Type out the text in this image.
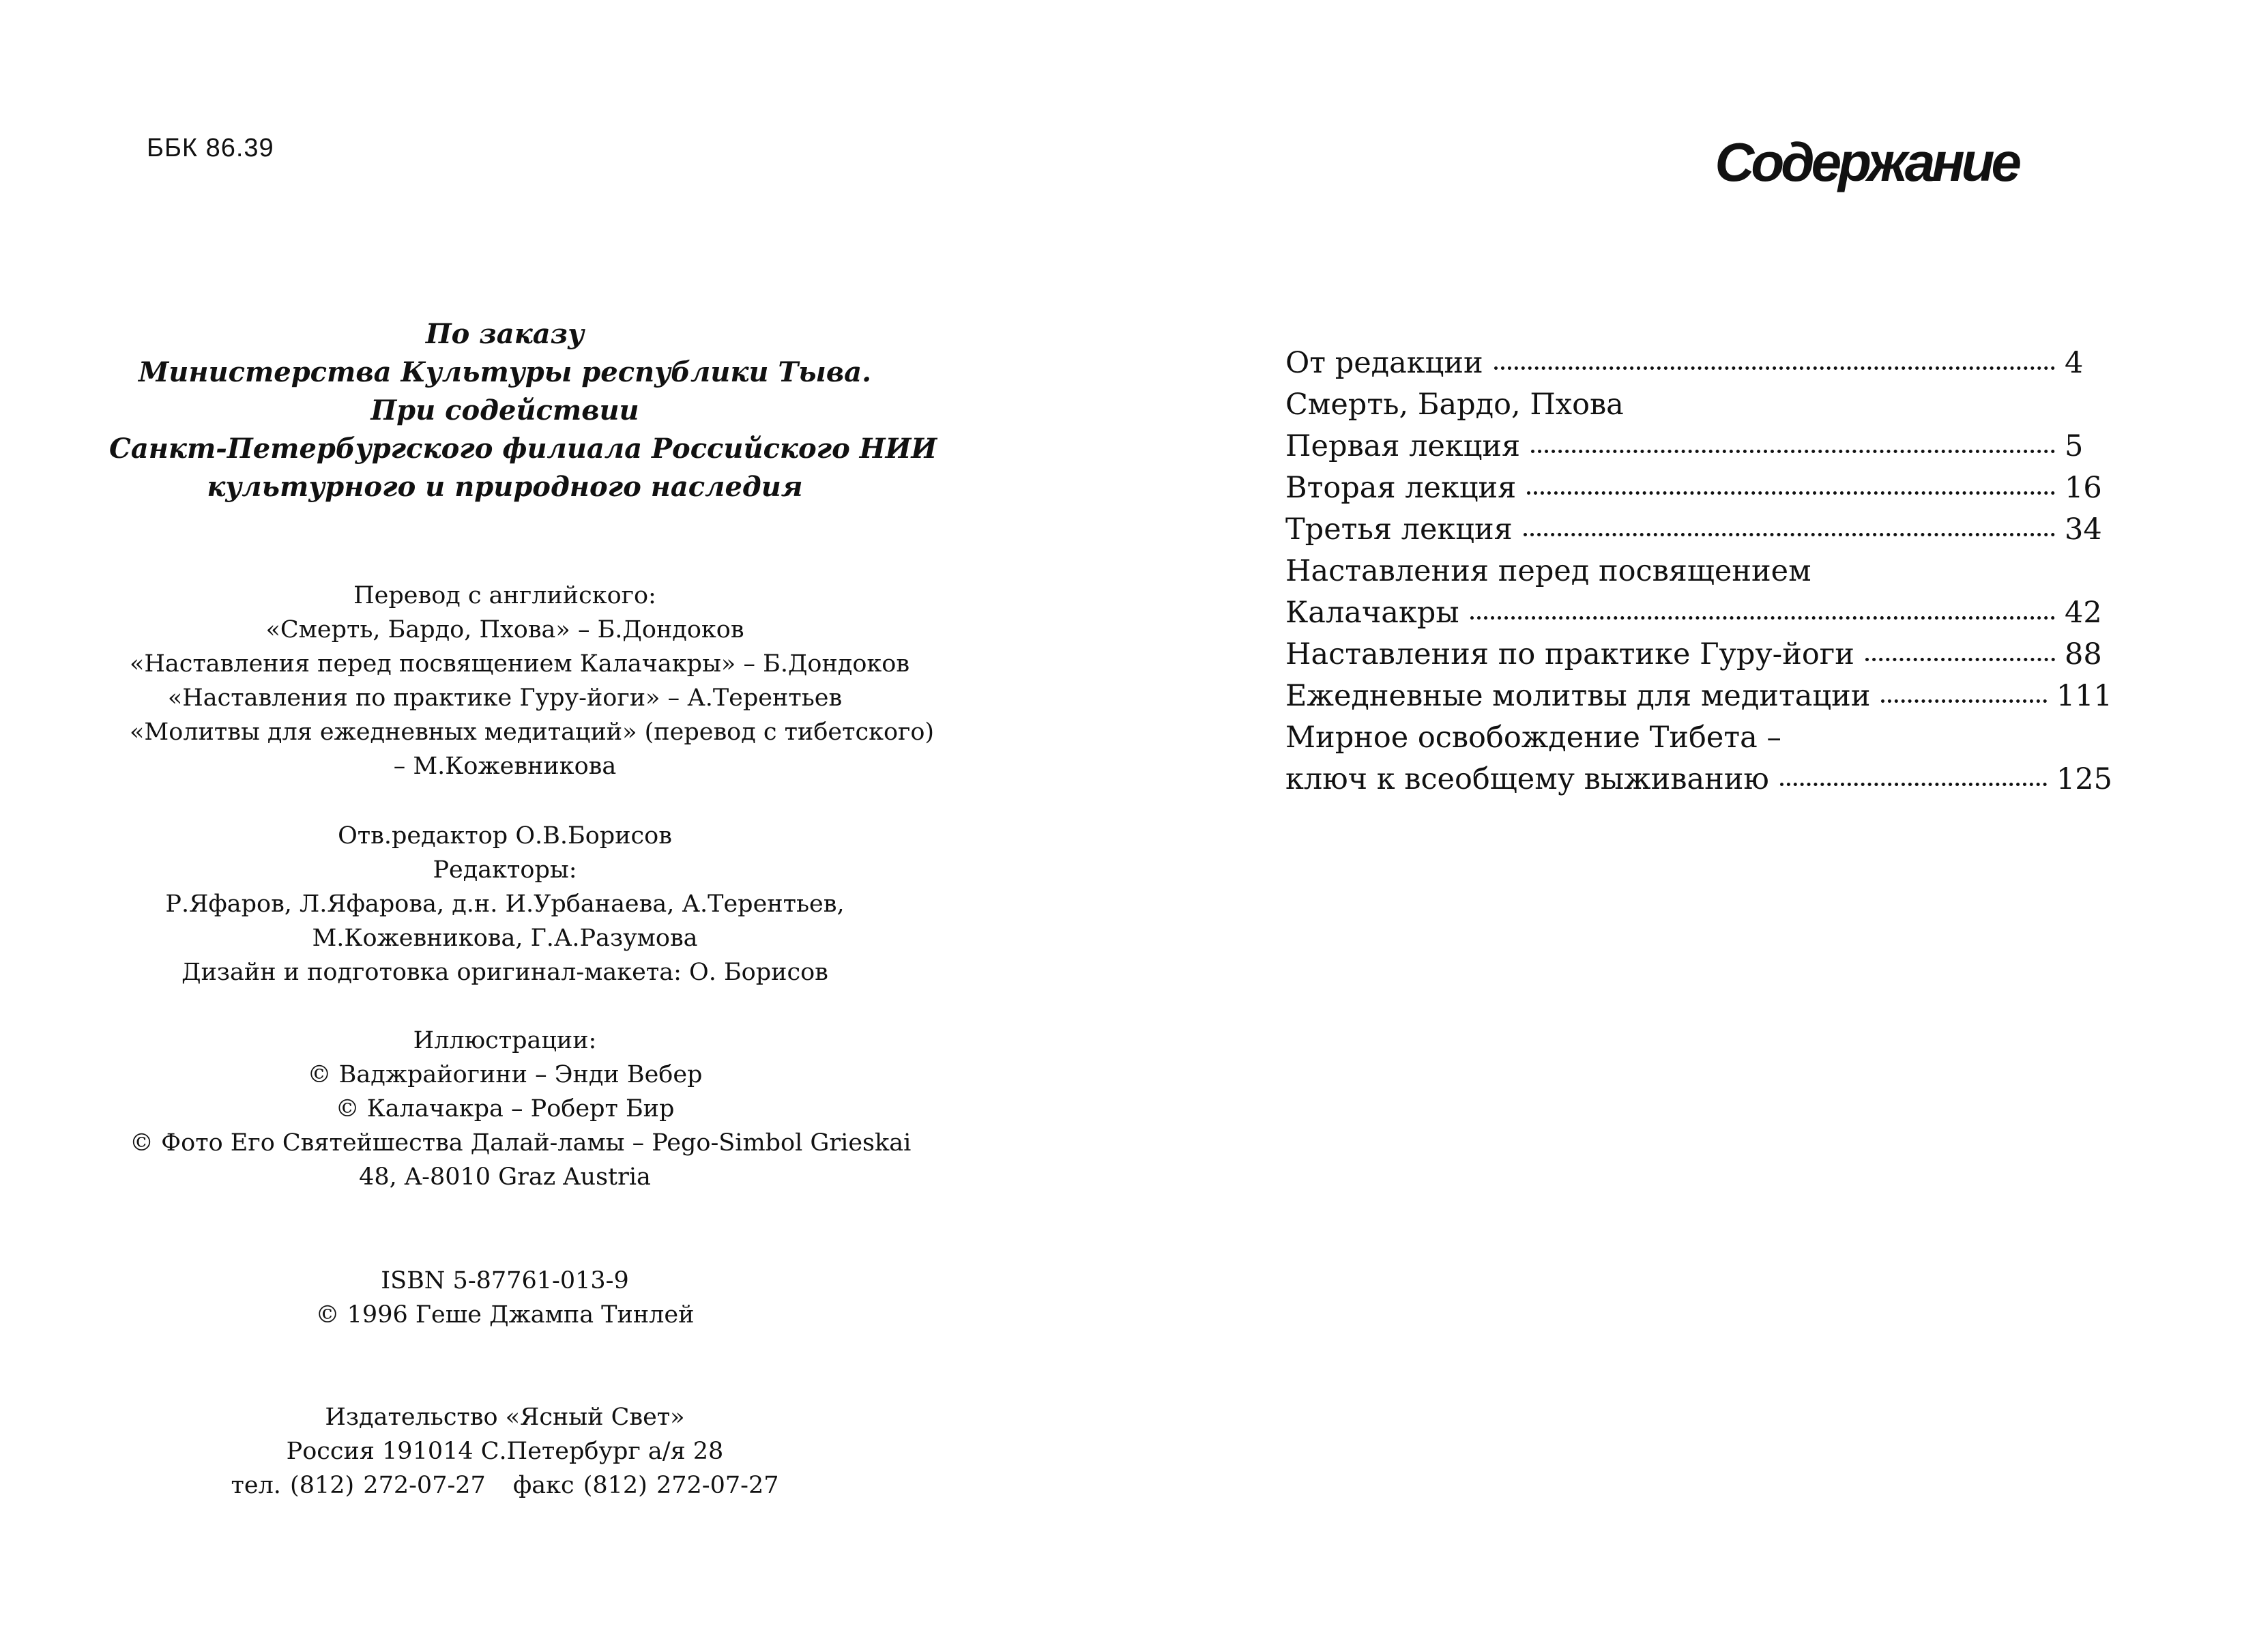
ББК 86.39
По заказу
Министерства Культуры республики Тыва.
При содействии
Санкт-Петербургского филиала Российского НИИ
культурного и природного наследия
Перевод с английского:
«Смерть, Бардо, Пхова» – Б.Дондоков
«Наставления перед посвящением Калачакры» – Б.Дондоков
«Наставления по практике Гуру-йоги» – А.Терентьев
«Молитвы для ежедневных медитаций» (перевод с тибетского)
– М.Кожевникова
Отв.редактор О.В.Борисов
Редакторы:
Р.Яфаров, Л.Яфарова, д.н. И.Урбанаева, А.Терентьев,
М.Кожевникова, Г.А.Разумова
Дизайн и подготовка оригинал-макета: О. Борисов
Иллюстрации:
© Ваджрайогини – Энди Вебер
© Калачакра – Роберт Бир
© Фото Его Святейшества Далай-ламы – Pego-Simbol Grieskai
48, A-8010 Graz Austria
ISBN 5-87761-013-9
© 1996 Геше Джампа Тинлей
Издательство «Ясный Свет»
Россия 191014 С.Петербург а/я 28
тел. (812) 272-07-27 факс (812) 272-07-27
Содержание
От редакции	4
Смерть, Бардо, Пхова
Первая лекция	5
Вторая лекция	16
Третья лекция	34
Наставления перед посвящением
Калачакры	42
Наставления по практике Гуру-йоги	88
Ежедневные молитвы для медитации	111
Мирное освобождение Тибета –
ключ к всеобщему выживанию	125
